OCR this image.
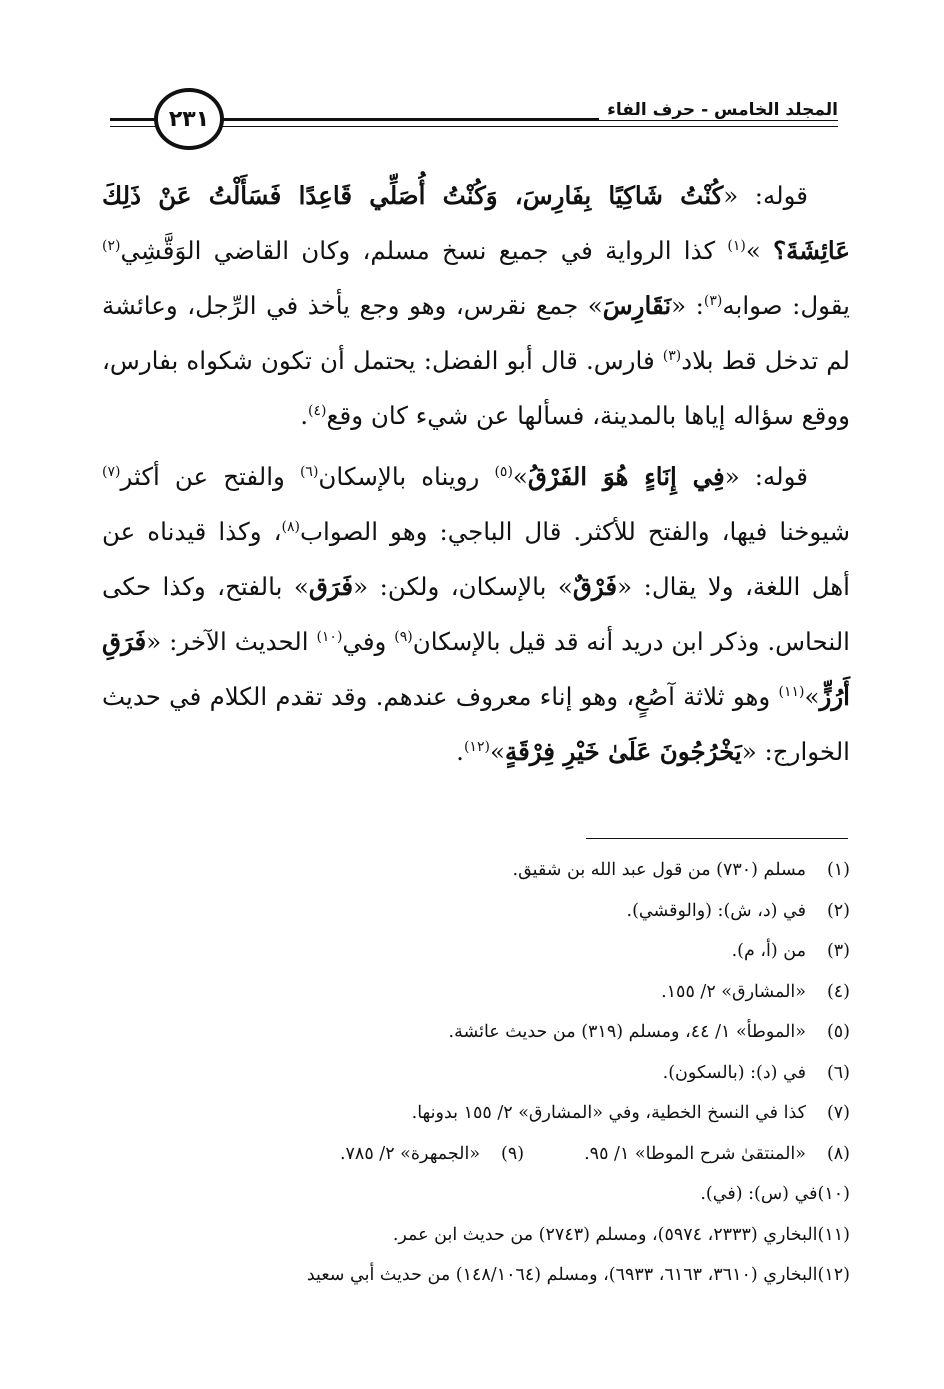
المجلد الخامس - حرف الفاء
٢٣١

قوله: «كُنْتُ شَاكِيًا بِفَارِسَ، وَكُنْتُ أُصَلِّي قَاعِدًا فَسَأَلْتُ عَنْ ذَلِكَ عَائِشَةَ؟ »$^{(١)}$ كذا الرواية في جميع نسخ مسلم، وكان القاضي الوَقَّشِي$^{(٢)}$ يقول: صوابه$^{(٣)}$: «نَقَارِسَ» جمع نقرس، وهو وجع يأخذ في الرِّجل، وعائشة لم تدخل قط بلاد$^{(٣)}$ فارس. قال أبو الفضل: يحتمل أن تكون شكواه بفارس، ووقع سؤاله إياها بالمدينة، فسألها عن شيء كان وقع$^{(٤)}$.

قوله: «فِي إِنَاءٍ هُوَ الفَرْقُ»$^{(٥)}$ رويناه بالإسكان$^{(٦)}$ والفتح عن أكثر$^{(٧)}$ شيوخنا فيها، والفتح للأكثر. قال الباجي: وهو الصواب$^{(٨)}$، وكذا قيدناه عن أهل اللغة، ولا يقال: «فَرْقٌ» بالإسكان، ولكن: «فَرَق» بالفتح، وكذا حكى النحاس. وذكر ابن دريد أنه قد قيل بالإسكان$^{(٩)}$ وفي$^{(١٠)}$ الحديث الآخر: «فَرَقِ أَرُزٍّ»$^{(١١)}$ وهو ثلاثة آصُعٍ، وهو إناء معروف عندهم. وقد تقدم الكلام في حديث الخوارج: «يَخْرُجُونَ عَلَىٰ خَيْرِ فِرْقَةٍ»$^{(١٢)}$.

(١)
مسلم (٧٣٠) من قول عبد الله بن شقيق.
(٢)
في (د، ش): (والوقشي).
(٣)
من (أ، م).
(٤)
«المشارق» ٢/ ١٥٥.
(٥)
«الموطأ» ١/ ٤٤، ومسلم (٣١٩) من حديث عائشة.
(٦)
في (د): (بالسكون).
(٧)
كذا في النسخ الخطية، وفي «المشارق» ٢/ ١٥٥ بدونها.
(٨)
«المنتقىٰ شرح الموطا» ١/ ٩٥.
(٩)
«الجمهرة» ٢/ ٧٨٥.
(١٠)
في (س): (في).
(١١)
البخاري (٢٣٣٣، ٥٩٧٤)، ومسلم (٢٧٤٣) من حديث ابن عمر.
(١٢)
البخاري (٣٦١٠، ٦١٦٣، ٦٩٣٣)، ومسلم (١٤٨/١٠٦٤) من حديث أبي سعيد
